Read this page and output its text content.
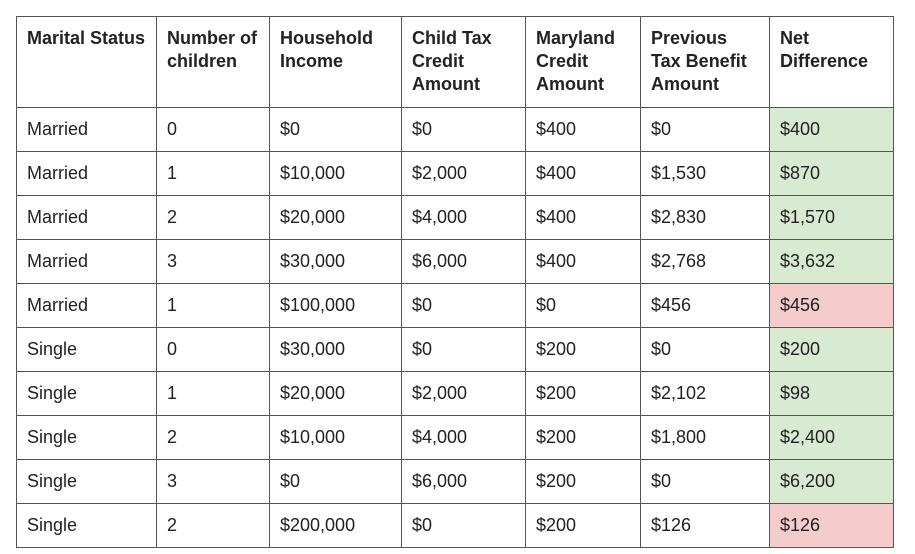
Marital Status	Number of children	Household Income	Child Tax Credit Amount	Maryland Credit Amount	Previous Tax Benefit Amount	Net Difference
Married	0	$0	$0	$400	$0	$400
Married	1	$10,000	$2,000	$400	$1,530	$870
Married	2	$20,000	$4,000	$400	$2,830	$1,570
Married	3	$30,000	$6,000	$400	$2,768	$3,632
Married	1	$100,000	$0	$0	$456	$456
Single	0	$30,000	$0	$200	$0	$200
Single	1	$20,000	$2,000	$200	$2,102	$98
Single	2	$10,000	$4,000	$200	$1,800	$2,400
Single	3	$0	$6,000	$200	$0	$6,200
Single	2	$200,000	$0	$200	$126	$126
